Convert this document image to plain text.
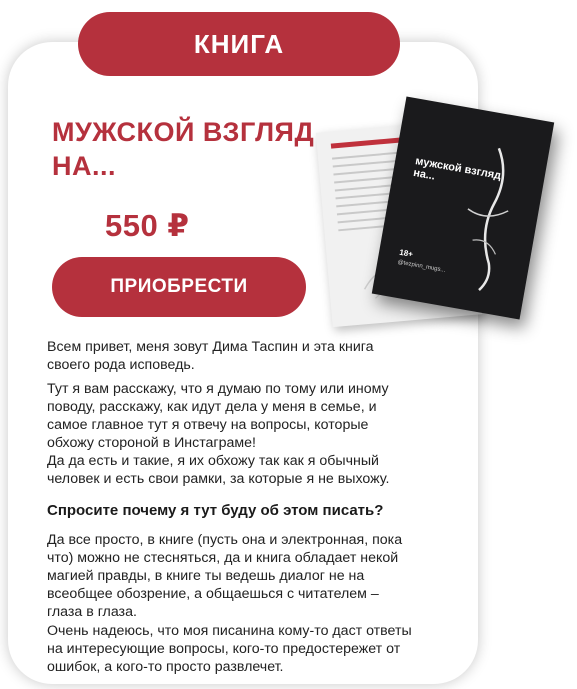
КНИГА
МУЖСКОЙ ВЗГЛЯД
НА...
550 ₽
ПРИОБРЕСТИ
мужской взгляд на...
18+
@tezpinn_mugs...
Всем привет, меня зовут Дима Таспин и эта книга своего рода исповедь.
Тут я вам расскажу, что я думаю по тому или иному поводу, расскажу, как идут дела у меня в семье, и самое главное тут я отвечу на вопросы, которые обхожу стороной в Инстаграме!
Да да есть и такие, я их обхожу так как я обычный человек и есть свои рамки, за которые я не выхожу.
Спросите почему я тут буду об этом писать?
Да все просто, в книге (пусть она и электронная, пока что) можно не стесняться, да и книга обладает некой магией правды, в книге ты ведешь диалог не на всеобщее обозрение, а общаешься с читателем – глаза в глаза.
Очень надеюсь, что моя писанина кому-то даст ответы на интересующие вопросы, кого-то предостережет от ошибок, а кого-то просто развлечет.
